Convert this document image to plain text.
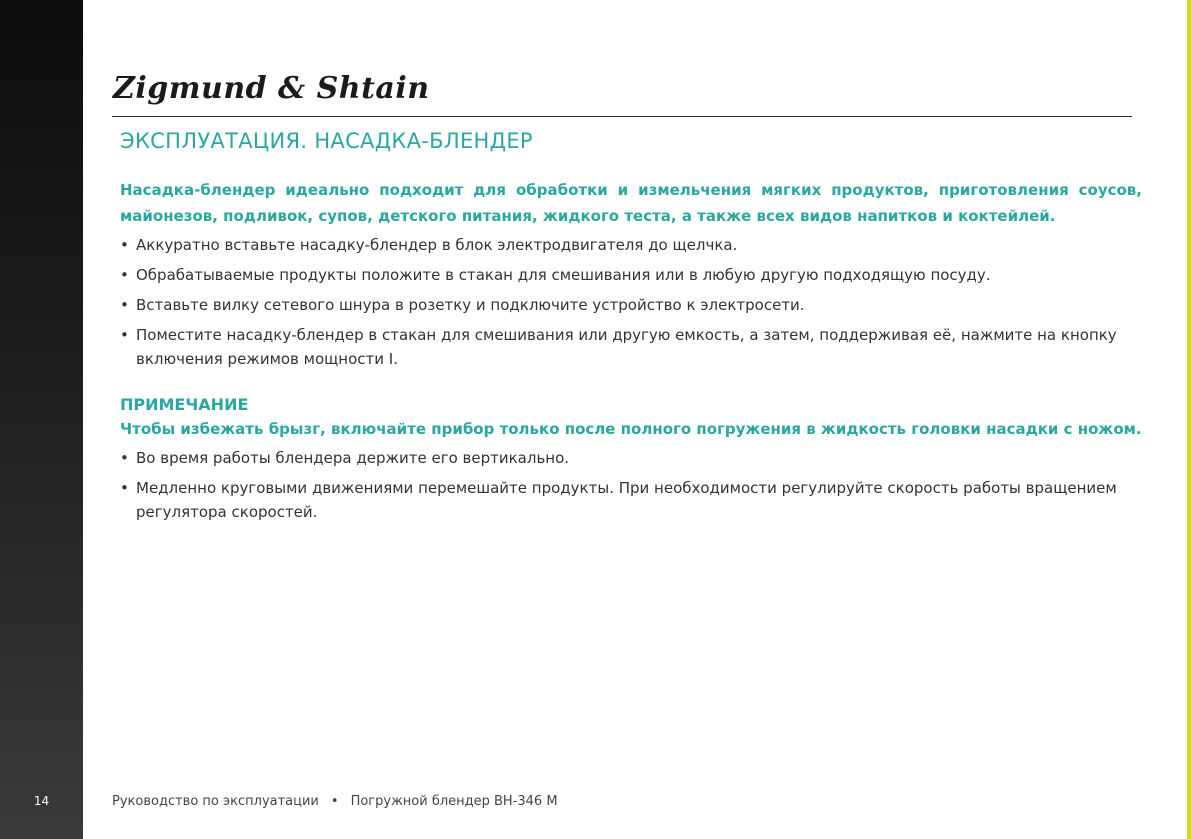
14
Zigmund & Shtain
ЭКСПЛУАТАЦИЯ. НАСАДКА-БЛЕНДЕР

Насадка-блендер идеально подходит для обработки и измельчения мягких продуктов, приготовления соусов, майонезов, подливок, супов, детского питания, жидкого теста, а также всех видов напитков и коктейлей.

• Аккуратно вставьте насадку-блендер в блок электродвигателя до щелчка.
• Обрабатываемые продукты положите в стакан для смешивания или в любую другую подходящую посуду.
• Вставьте вилку сетевого шнура в розетку и подключите устройство к электросети.
• Поместите насадку-блендер в стакан для смешивания или другую емкость, а затем, поддерживая её, нажмите на кнопку включения режимов мощности I.
ПРИМЕЧАНИЕ

Чтобы избежать брызг, включайте прибор только после полного погружения в жидкость головки насадки с ножом.

• Во время работы блендера держите его вертикально.
• Медленно круговыми движениями перемешайте продукты. При необходимости регулируйте скорость работы вращением регулятора скоростей.
Руководство по эксплуатации • Погружной блендер BH-346 M
